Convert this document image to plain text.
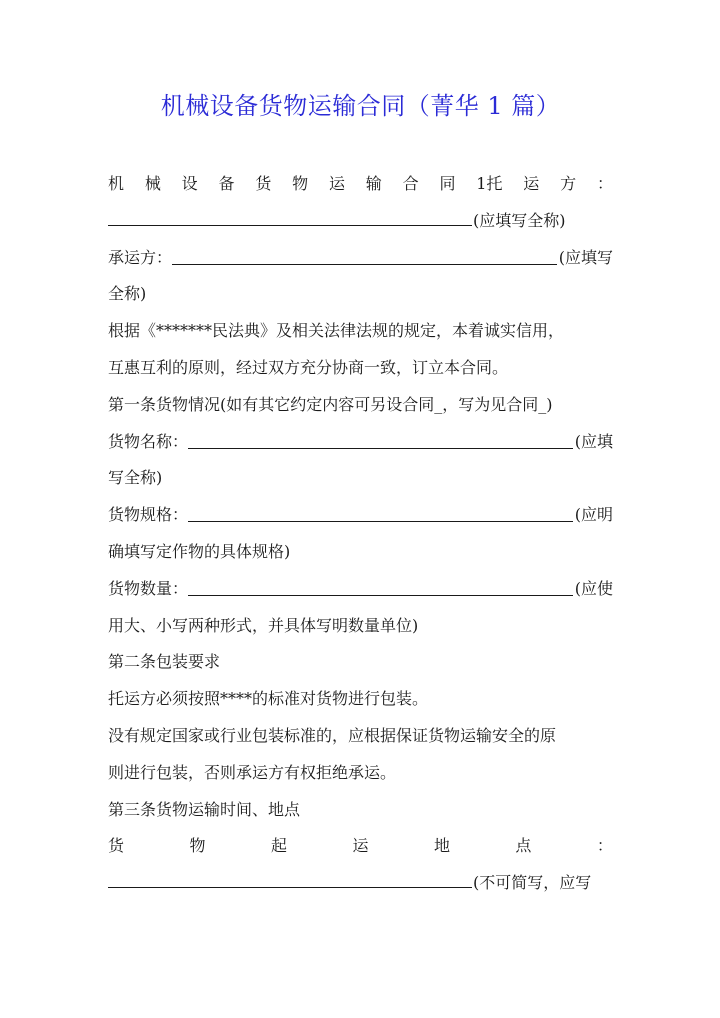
机械设备货物运输合同（菁华 1 篇）
机 械 设 备 货 物 运 输 合 同 1托 运 方 ：
(应填写全称)
承运方：	(应填写
全称)
根据《*******民法典》及相关法律法规的规定，本着诚实信用，
互惠互利的原则，经过双方充分协商一致，订立本合同。
第一条货物情况(如有其它约定内容可另设合同_，写为见合同_)
货物名称：	(应填
写全称)
货物规格：	(应明
确填写定作物的具体规格)
货物数量：	(应使
用大、小写两种形式，并具体写明数量单位)
第二条包装要求
托运方必须按照****的标准对货物进行包装。
没有规定国家或行业包装标准的，应根据保证货物运输安全的原
则进行包装，否则承运方有权拒绝承运。
第三条货物运输时间、地点
货	物	起	运	地	点	：
(不可简写，应写
